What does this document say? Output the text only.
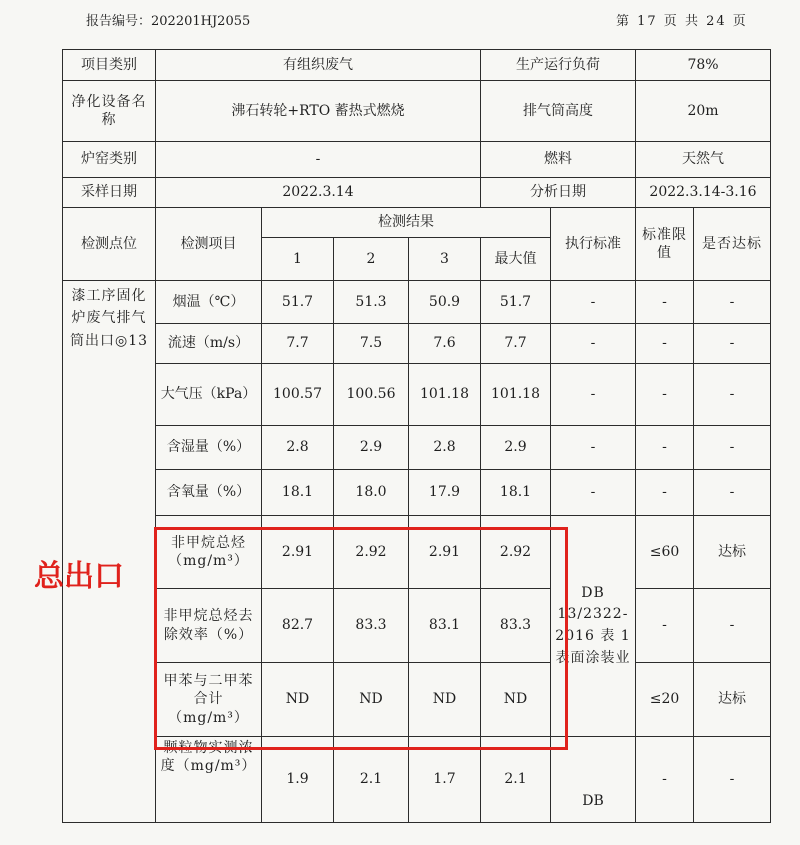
报告编号：202201HJ2055	第 17 页 共 24 页
项目类别	有组织废气				生产运行负荷		78%	
净化设备名称	沸石转轮+RTO 蓄热式燃烧				排气筒高度		20m	
炉窑类别	-				燃料		天然气	
采样日期	2022.3.14				分析日期		2022.3.14-3.16	
检测点位	检测项目	检测结果				执行标准	标准限值	是否达标
		1	2	3	最大值			
漆工序固化炉废气排气筒出口◎13	烟温（℃）	51.7	51.3	50.9	51.7	-	-	-
	流速（m/s）	7.7	7.5	7.6	7.7	-	-	-
	大气压（kPa）	100.57	100.56	101.18	101.18	-	-	-
	含湿量（%）	2.8	2.9	2.8	2.9	-	-	-
	含氧量（%）	18.1	18.0	17.9	18.1	-	-	-
	非甲烷总烃（mg/m³）	2.91	2.92	2.91	2.92	DB 13/2322-2016 表 1 表面涂装业	≤60	达标
	非甲烷总烃去除效率（%）	82.7	83.3	83.1	83.3		-	-
	甲苯与二甲苯合计（mg/m³）	ND	ND	ND	ND		≤20	达标
	颗粒物实测浓度（mg/m³）	1.9	2.1	1.7	2.1	DB	-	-
总出口
